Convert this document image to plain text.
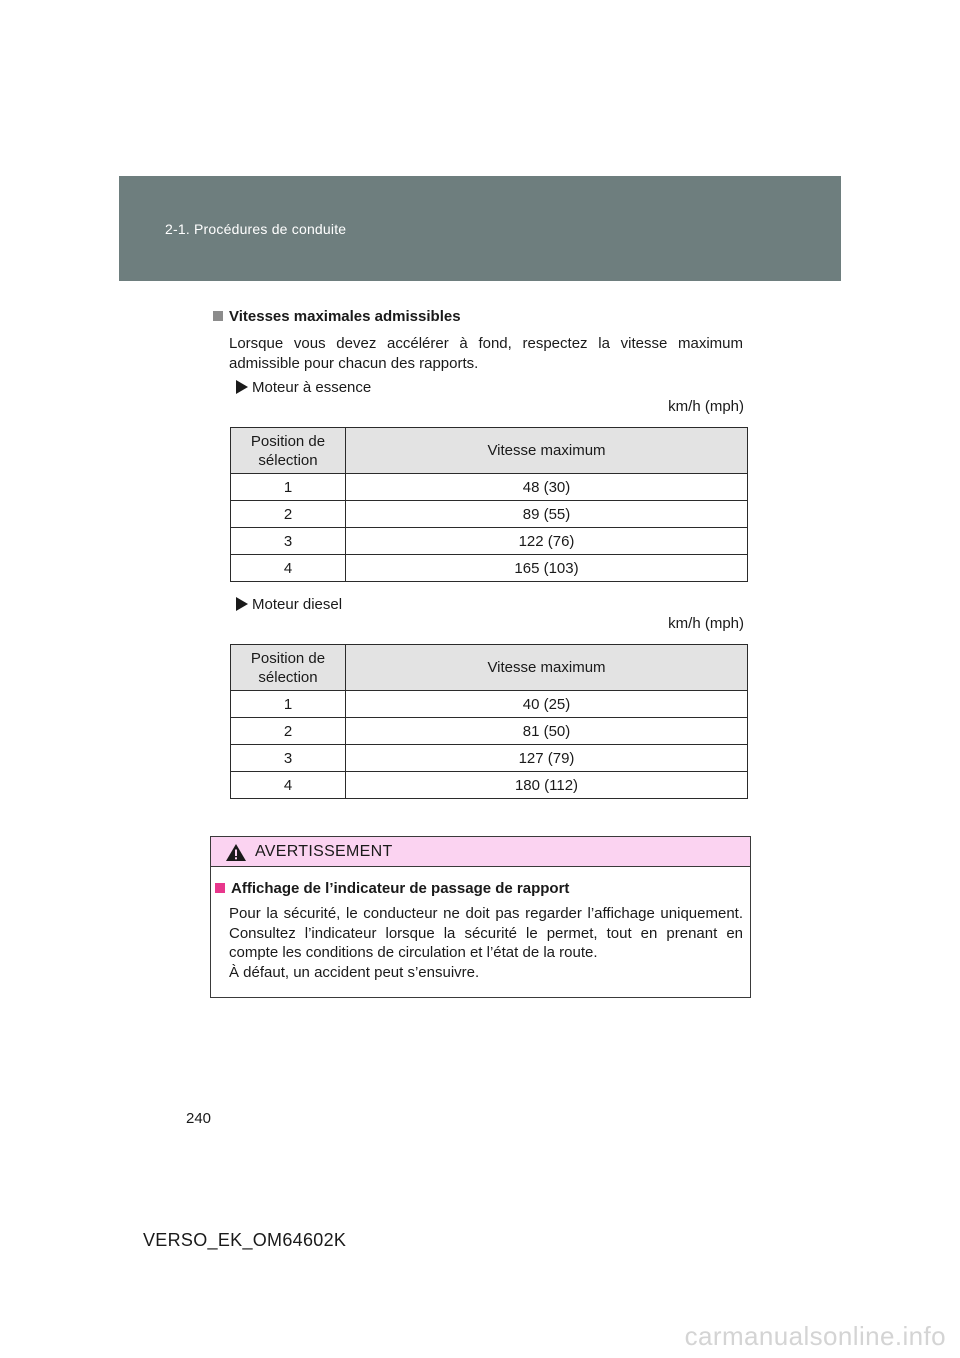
2-1. Procédures de conduite
Vitesses maximales admissibles
Lorsque vous devez accélérer à fond, respectez la vitesse maximum admissible pour chacun des rapports.
Moteur à essence
km/h (mph)
Position de sélection	Vitesse maximum
1	48 (30)
2	89 (55)
3	122 (76)
4	165 (103)
Moteur diesel
km/h (mph)
Position de sélection	Vitesse maximum
1	40 (25)
2	81 (50)
3	127 (79)
4	180 (112)
AVERTISSEMENT
Affichage de l’indicateur de passage de rapport
Pour la sécurité, le conducteur ne doit pas regarder l’affichage uniquement. Consultez l’indicateur lorsque la sécurité le permet, tout en prenant en compte les conditions de circulation et l’état de la route.
À défaut, un accident peut s’ensuivre.
240
VERSO_EK_OM64602K
carmanualsonline.info
